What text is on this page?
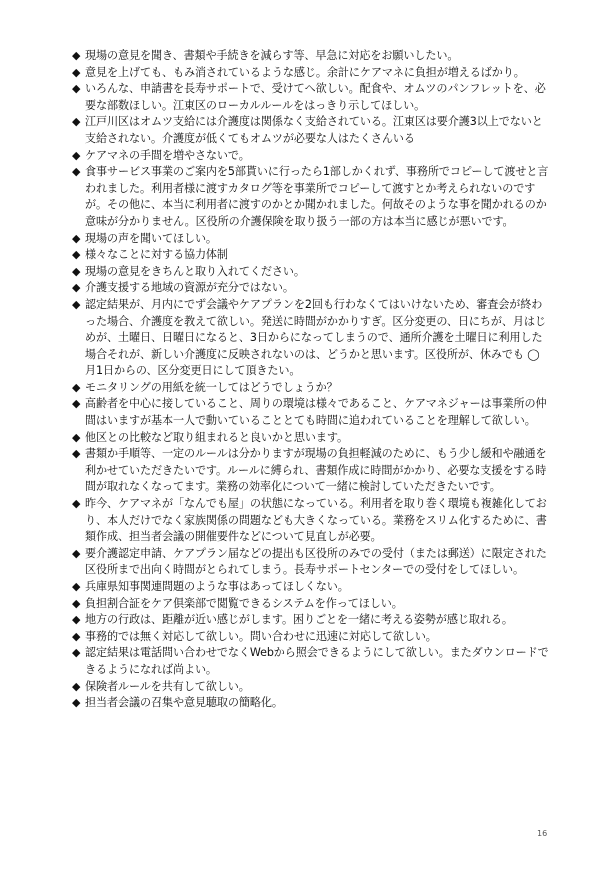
◆ 現場の意見を聞き、書類や手続きを減らす等、早急に対応をお願いしたい。
◆ 意見を上げても、もみ消されているような感じ。余計にケアマネに負担が増えるばかり。
◆ いろんな、申請書を長寿サポートで、受けてへ欲しい。配食や、オムツのパンフレットを、必要な部数ほしい。江東区のローカルルールをはっきり示してほしい。
◆ 江戸川区はオムツ支給には介護度は関係なく支給されている。江東区は要介護3以上でないと支給されない。介護度が低くてもオムツが必要な人はたくさんいる
◆ ケアマネの手間を増やさないで。
◆ 食事サービス事業のご案内を5部貰いに行ったら1部しかくれず、事務所でコピーして渡せと言われました。利用者様に渡すカタログ等を事業所でコピーして渡すとか考えられないのですが。その他に、本当に利用者に渡すのかとか聞かれました。何故そのような事を聞かれるのか意味が分かりません。区役所の介護保険を取り扱う一部の方は本当に感じが悪いです。
◆ 現場の声を聞いてほしい。
◆ 様々なことに対する協力体制
◆ 現場の意見をきちんと取り入れてください。
◆ 介護支援する地域の資源が充分ではない。
◆ 認定結果が、月内にでず会議やケアプランを2回も行わなくてはいけないため、審査会が終わった場合、介護度を教えて欲しい。発送に時間がかかりすぎ。区分変更の、日にちが、月はじめが、土曜日、日曜日になると、3日からになってしまうので、通所介護を土曜日に利用した場合それが、新しい介護度に反映されないのは、どうかと思います。区役所が、休みでも ◯月1日からの、区分変更日にして頂きたい。
◆ モニタリングの用紙を統一してはどうでしょうか？
◆ 高齢者を中心に接していること、周りの環境は様々であること、ケアマネジャーは事業所の仲間はいますが基本一人で動いていることとても時間に追われていることを理解して欲しい。
◆ 他区との比較など取り組まれると良いかと思います。
◆ 書類か手順等、一定のルールは分かりますが現場の負担軽減のために、もう少し緩和や融通を利かせていただきたいです。ルールに縛られ、書類作成に時間がかかり、必要な支援をする時間が取れなくなってます。業務の効率化について一緒に検討していただきたいです。
◆ 昨今、ケアマネが「なんでも屋」の状態になっている。利用者を取り巻く環境も複雑化しており、本人だけでなく家族関係の問題なども大きくなっている。業務をスリム化するために、書類作成、担当者会議の開催要件などについて見直しが必要。
◆ 要介護認定申請、ケアプラン届などの提出も区役所のみでの受付（または郵送）に限定された区役所まで出向く時間がとられてしまう。長寿サポートセンターでの受付をしてほしい。
◆ 兵庫県知事関連問題のような事はあってほしくない。
◆ 負担割合証をケア倶楽部で閲覧できるシステムを作ってほしい。
◆ 地方の行政は、距離が近い感じがします。困りごとを一緒に考える姿勢が感じ取れる。
◆ 事務的では無く対応して欲しい。問い合わせに迅速に対応して欲しい。
◆ 認定結果は電話問い合わせでなくWebから照会できるようにして欲しい。またダウンロードできるようになれば尚よい。
◆ 保険者ルールを共有して欲しい。
◆ 担当者会議の召集や意見聴取の簡略化。
16
